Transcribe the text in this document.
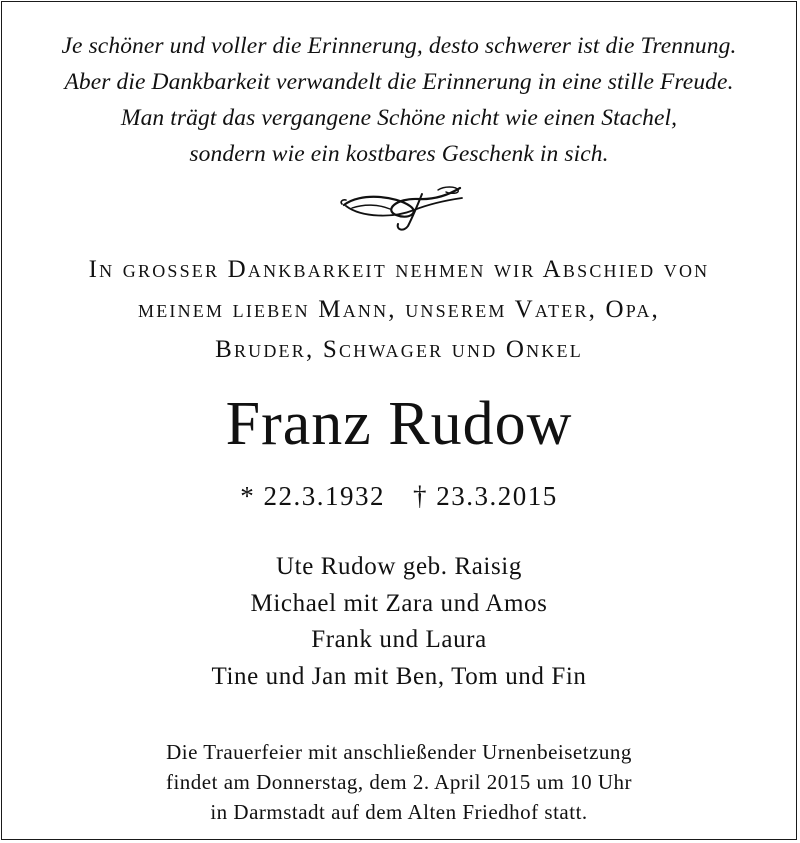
Je schöner und voller die Erinnerung, desto schwerer ist die Trennung.
Aber die Dankbarkeit verwandelt die Erinnerung in eine stille Freude.
Man trägt das vergangene Schöne nicht wie einen Stachel,
sondern wie ein kostbares Geschenk in sich.
In grosser Dankbarkeit nehmen wir Abschied von
meinem lieben Mann, unserem Vater, Opa,
Bruder, Schwager und Onkel
Franz Rudow
* 22.3.1932 † 23.3.2015
Ute Rudow geb. Raisig
Michael mit Zara und Amos
Frank und Laura
Tine und Jan mit Ben, Tom und Fin
Die Trauerfeier mit anschließender Urnenbeisetzung
findet am Donnerstag, dem 2. April 2015 um 10 Uhr
in Darmstadt auf dem Alten Friedhof statt.
